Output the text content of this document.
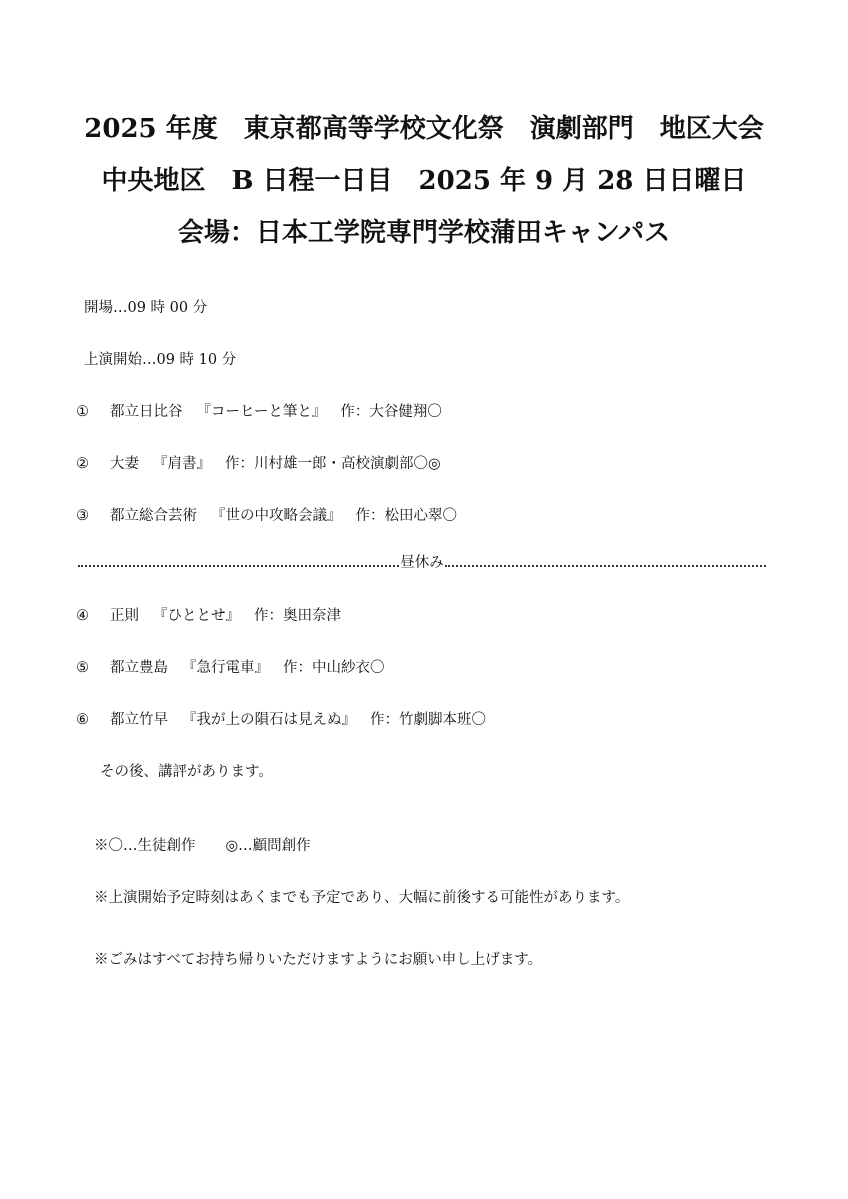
2025 年度　東京都高等学校文化祭　演劇部門　地区大会
中央地区　B 日程一日目　2025 年 9 月 28 日日曜日
会場：日本工学院専門学校蒲田キャンパス
開場…09 時 00 分
上演開始…09 時 10 分
① 都立日比谷 『コーヒーと筆と』 作：大谷健翔〇
② 大妻 『肩書』 作：川村雄一郎・高校演劇部〇◎
③ 都立総合芸術 『世の中攻略会議』 作：松田心翠〇
昼休み
④ 正則 『ひととせ』 作：奥田奈津
⑤ 都立豊島 『急行電車』 作：中山紗衣〇
⑥ 都立竹早 『我が上の隕石は見えぬ』 作：竹劇脚本班〇
その後、講評があります。
※〇…生徒創作 ◎…顧問創作
※上演開始予定時刻はあくまでも予定であり、大幅に前後する可能性があります。
※ごみはすべてお持ち帰りいただけますようにお願い申し上げます。
